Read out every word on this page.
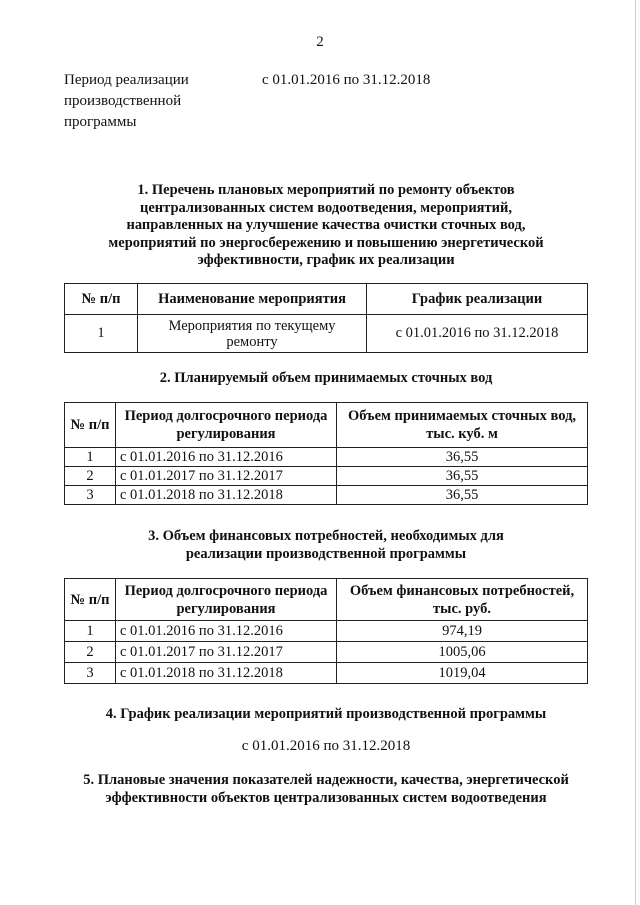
2
Период реализации
производственной
программы
с 01.01.2016 по 31.12.2018
1. Перечень плановых мероприятий по ремонту объектов
централизованных систем водоотведения, мероприятий,
направленных на улучшение качества очистки сточных вод,
мероприятий по энергосбережению и повышению энергетической
эффективности, график их реализации
№ п/п	Наименование мероприятия	График реализации
1	Мероприятия по текущему ремонту	с 01.01.2016 по 31.12.2018
2. Планируемый объем принимаемых сточных вод
№ п/п	Период долгосрочного периода регулирования	Объем принимаемых сточных вод, тыс. куб. м
1	с 01.01.2016 по 31.12.2016	36,55
2	с 01.01.2017 по 31.12.2017	36,55
3	с 01.01.2018 по 31.12.2018	36,55
3. Объем финансовых потребностей, необходимых для
реализации производственной программы
№ п/п	Период долгосрочного периода регулирования	Объем финансовых потребностей, тыс. руб.
1	с 01.01.2016 по 31.12.2016	974,19
2	с 01.01.2017 по 31.12.2017	1005,06
3	с 01.01.2018 по 31.12.2018	1019,04
4. График реализации мероприятий производственной программы
с 01.01.2016 по 31.12.2018
5. Плановые значения показателей надежности, качества, энергетической
эффективности объектов централизованных систем водоотведения
